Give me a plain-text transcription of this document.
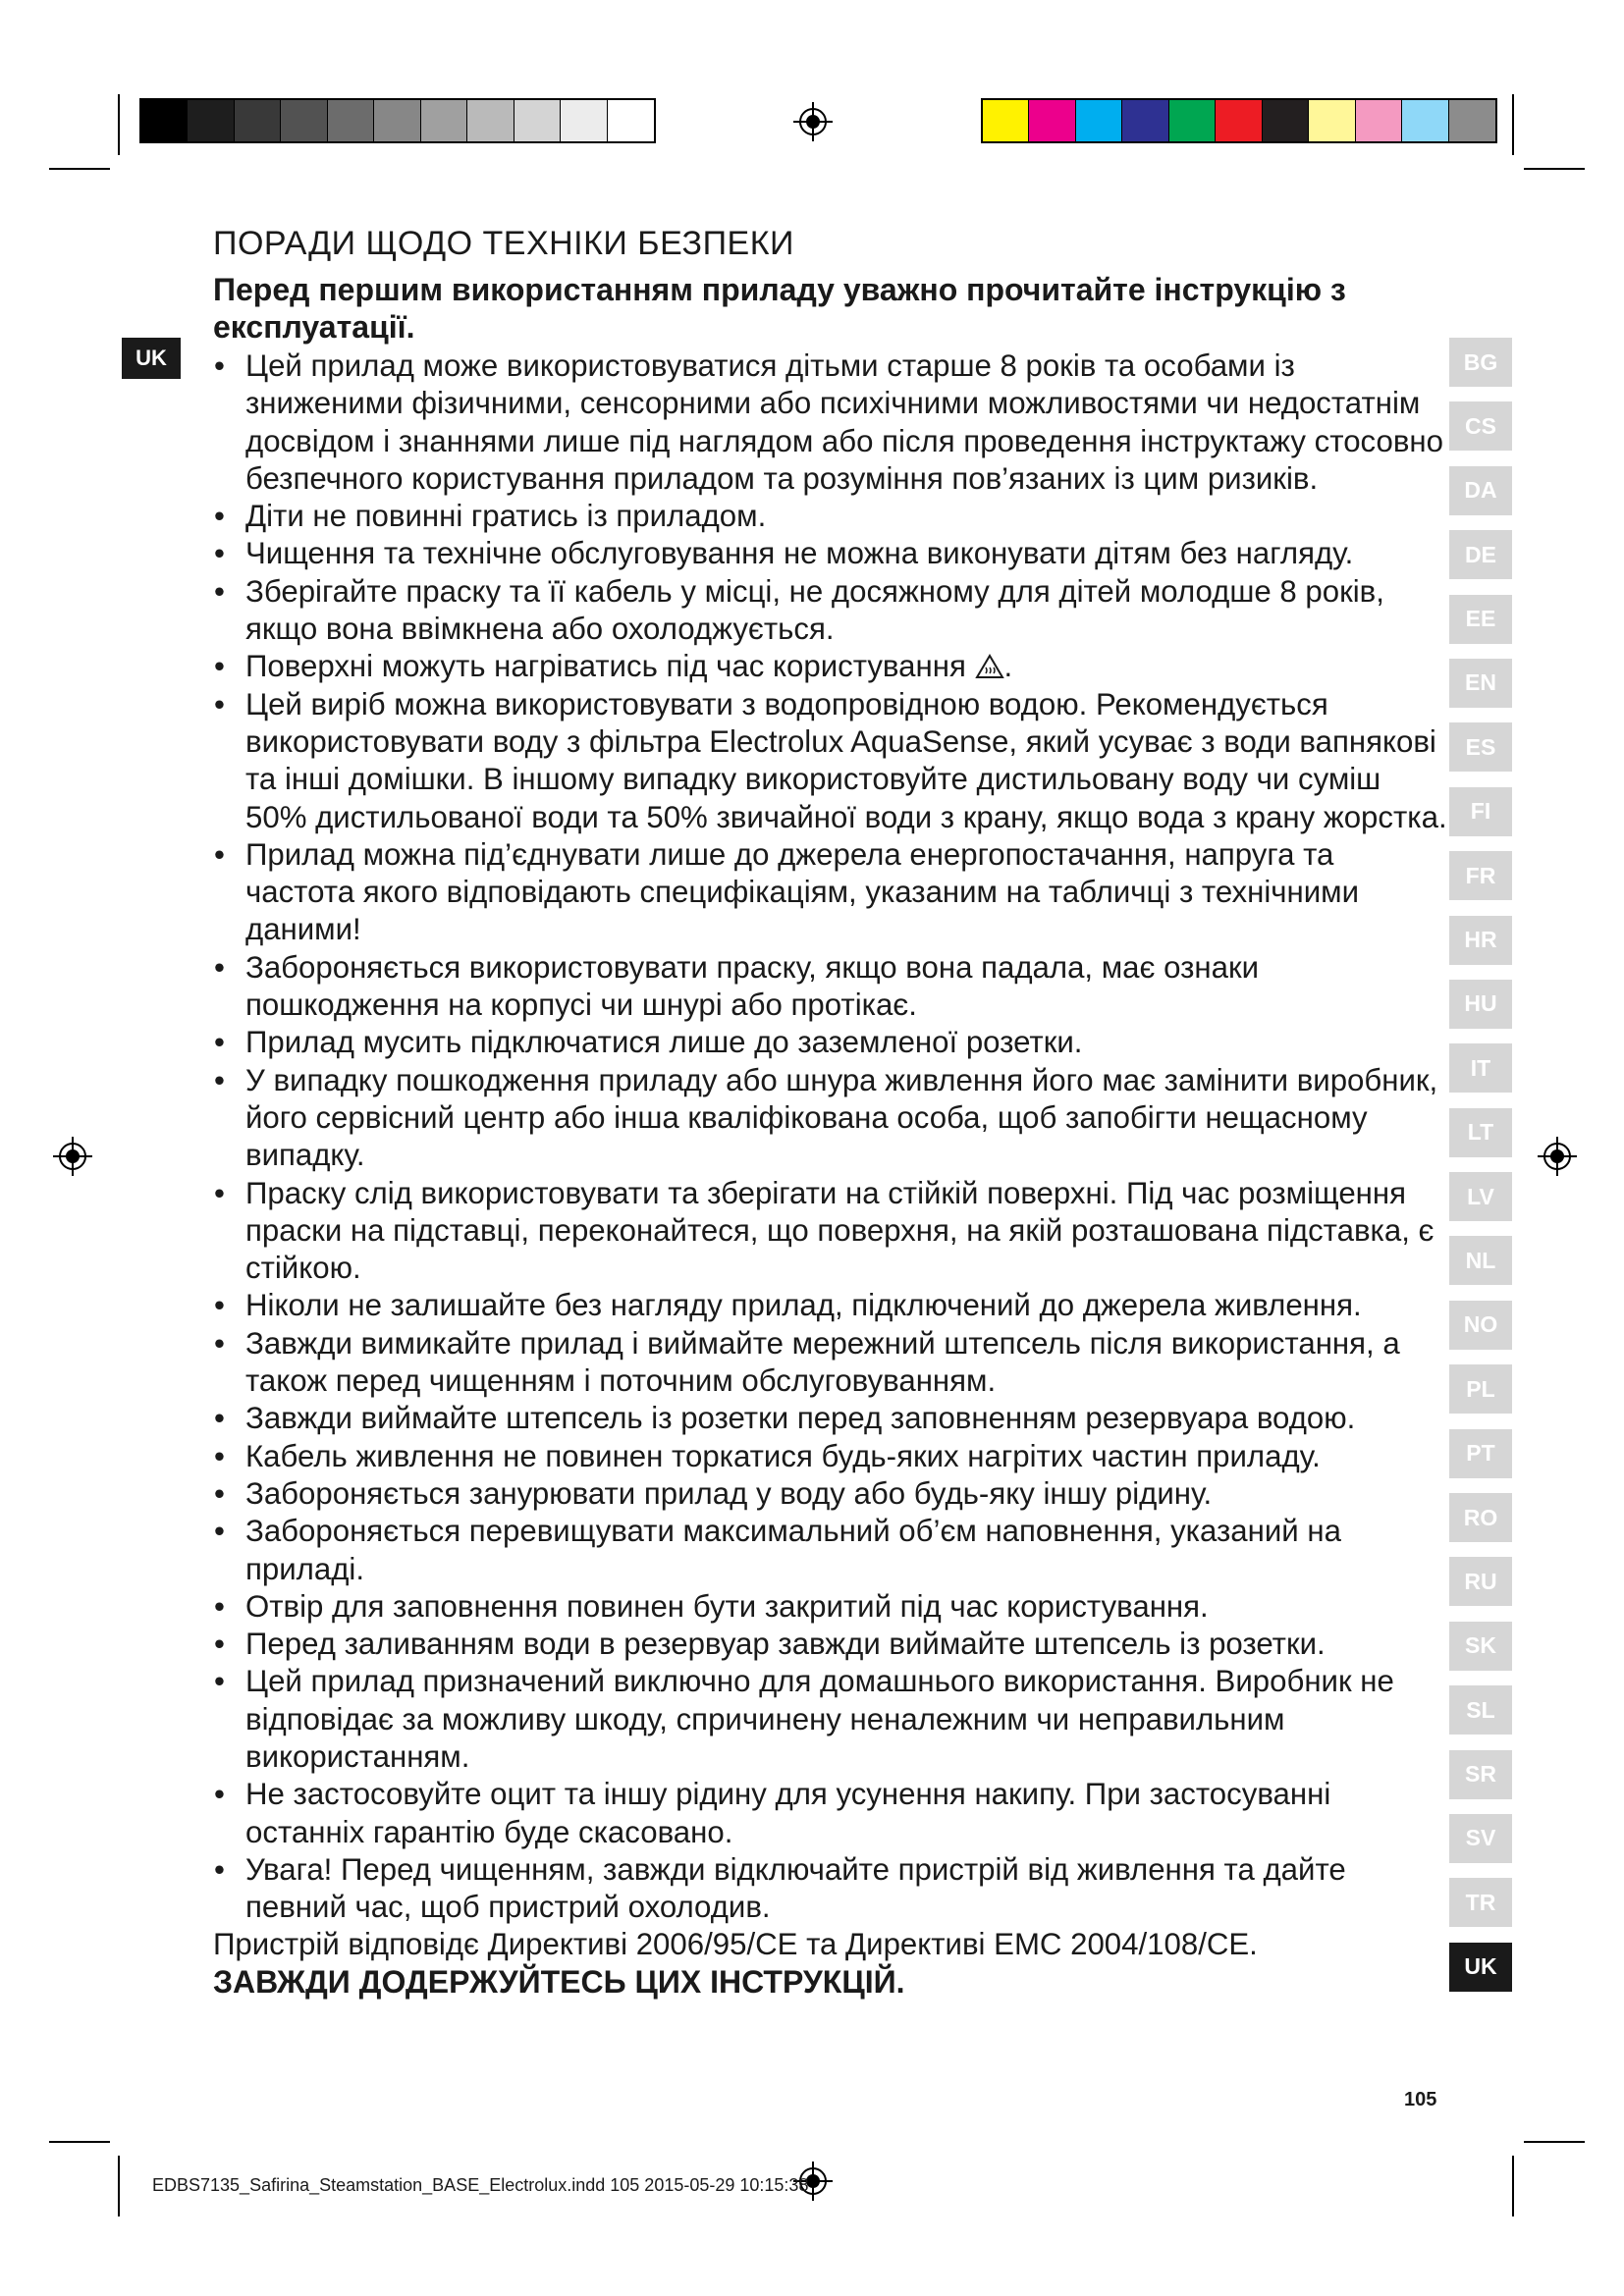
UK
ПОРАДИ ЩОДО ТЕХНІКИ БЕЗПЕКИ
Перед першим використанням приладу уважно прочитайте інструкцію з експлуатації.
• Цей прилад може використовуватися дітьми старше 8 років та особами із зниженими фізичними, сенсорними або психічними можливостями чи недостатнім досвідом і знаннями лише під наглядом або після проведення інструктажу стосовно безпечного користування приладом та розуміння пов’язаних із цим ризиків.
• Діти не повинні гратись із приладом.
• Чищення та технічне обслуговування не можна виконувати дітям без нагляду.
• Зберігайте праску та її кабель у місці, не досяжному для дітей молодше 8 років, якщо вона ввімкнена або охолоджується.
• Поверхні можуть нагріватись під час користування .
• Цей виріб можна використовувати з водопровідною водою. Рекомендується використовувати воду з фільтра Electrolux AquaSense, який усуває з води вапнякові та інші домішки. В іншому випадку використовуйте дистильовану воду чи суміш 50% дистильованої води та 50% звичайної води з крану, якщо вода з крану жорстка.
• Прилад можна під’єднувати лише до джерела енергопостачання, напруга та частота якого відповідають специфікаціям, указаним на табличці з технічними даними!
• Забороняється використовувати праску, якщо вона падала, має ознаки пошкодження на корпусі чи шнурі або протікає.
• Прилад мусить підключатися лише до заземленої розетки.
• У випадку пошкодження приладу або шнура живлення його має замінити виробник, його сервісний центр або інша кваліфікована особа, щоб запобігти нещасному випадку.
• Праску слід використовувати та зберігати на стійкій поверхні. Під час розміщення праски на підставці, переконайтеся, що поверхня, на якій розташована підставка, є стійкою.
• Ніколи не залишайте без нагляду прилад, підключений до джерела живлення.
• Завжди вимикайте прилад і виймайте мережний штепсель після використання, а також перед чищенням і поточним обслуговуванням.
• Завжди виймайте штепсель із розетки перед заповненням резервуара водою.
• Кабель живлення не повинен торкатися будь-яких нагрітих частин приладу.
• Забороняється занурювати прилад у воду або будь-яку іншу рідину.
• Забороняється перевищувати максимальний об’єм наповнення, указаний на приладі.
• Отвір для заповнення повинен бути закритий під час користування.
• Перед заливанням води в резервуар завжди виймайте штепсель із розетки.
• Цей прилад призначений виключно для домашнього використання. Виробник не відповідає за можливу шкоду, спричинену неналежним чи неправильним використанням.
• Не застосовуйте оцит та іншу рідину для усунення накипу. При застосуванні останніх гарантію буде скасовано.
• Увага! Перед чищенням, завжди відключайте пристрій від живлення та дайте певний час, щоб пристрий охолодив.
Пристрій відповідє Директиві 2006/95/CE та Директиві EMC 2004/108/CE.
ЗАВЖДИ ДОДЕРЖУЙТЕСЬ ЦИХ ІНСТРУКЦІЙ.
BG
CS
DA
DE
EE
EN
ES
FI
FR
HR
HU
IT
LT
LV
NL
NO
PL
PT
RO
RU
SK
SL
SR
SV
TR
UK
105
EDBS7135_Safirina_Steamstation_BASE_Electrolux.indd 105 2015-05-29 10:15:38
